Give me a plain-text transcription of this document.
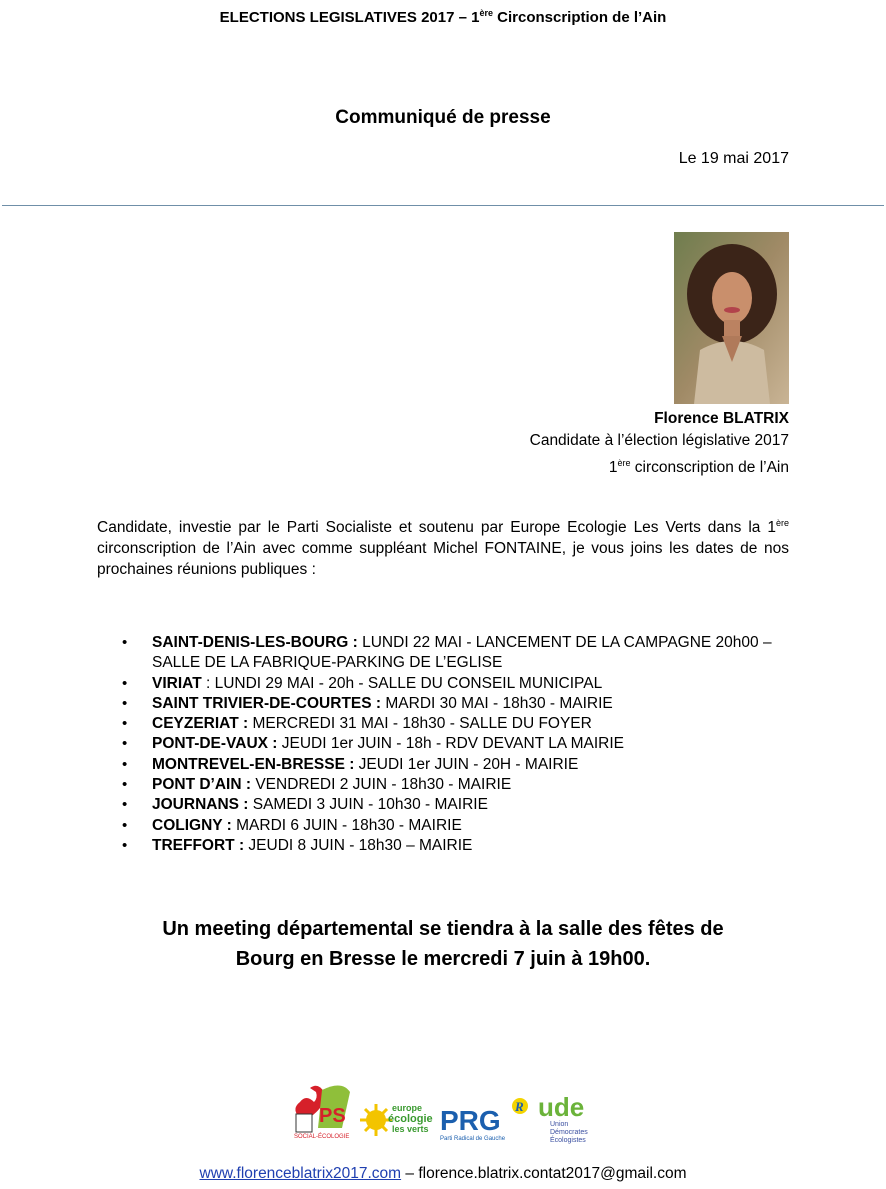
ELECTIONS LEGISLATIVES 2017 – 1ère Circonscription de l’Ain
Communiqué de presse
Le 19 mai 2017
Florence BLATRIX
Candidate à l’élection législative 2017
1ère circonscription de l’Ain
Candidate, investie par le Parti Socialiste et soutenu par Europe Ecologie Les Verts dans la 1ère circonscription de l’Ain avec comme suppléant Michel FONTAINE, je vous joins les dates de nos prochaines réunions publiques :
• SAINT-DENIS-LES-BOURG : LUNDI 22 MAI - LANCEMENT DE LA CAMPAGNE 20h00 – SALLE DE LA FABRIQUE-PARKING DE L’EGLISE
• VIRIAT : LUNDI 29 MAI - 20h - SALLE DU CONSEIL MUNICIPAL
• SAINT TRIVIER-DE-COURTES : MARDI 30 MAI - 18h30 - MAIRIE
• CEYZERIAT : MERCREDI 31 MAI - 18h30 - SALLE DU FOYER
• PONT-DE-VAUX : JEUDI 1er JUIN - 18h - RDV DEVANT LA MAIRIE
• MONTREVEL-EN-BRESSE : JEUDI 1er JUIN - 20H - MAIRIE
• PONT D’AIN : VENDREDI 2 JUIN - 18h30 - MAIRIE
• JOURNANS : SAMEDI 3 JUIN - 10h30 - MAIRIE
• COLIGNY : MARDI 6 JUIN - 18h30 - MAIRIE
• TREFFORT : JEUDI 8 JUIN - 18h30 – MAIRIE
Un meeting départemental se tiendra à la salle des fêtes de
Bourg en Bresse le mercredi 7 juin à 19h00.
PS
SOCIAL-ÉCOLOGIE
europe
écologie
les verts PRG R
Parti Radical de Gauche
ude
Union
Démocrates
Écologistes
www.florenceblatrix2017.com – florence.blatrix.contat2017@gmail.com
